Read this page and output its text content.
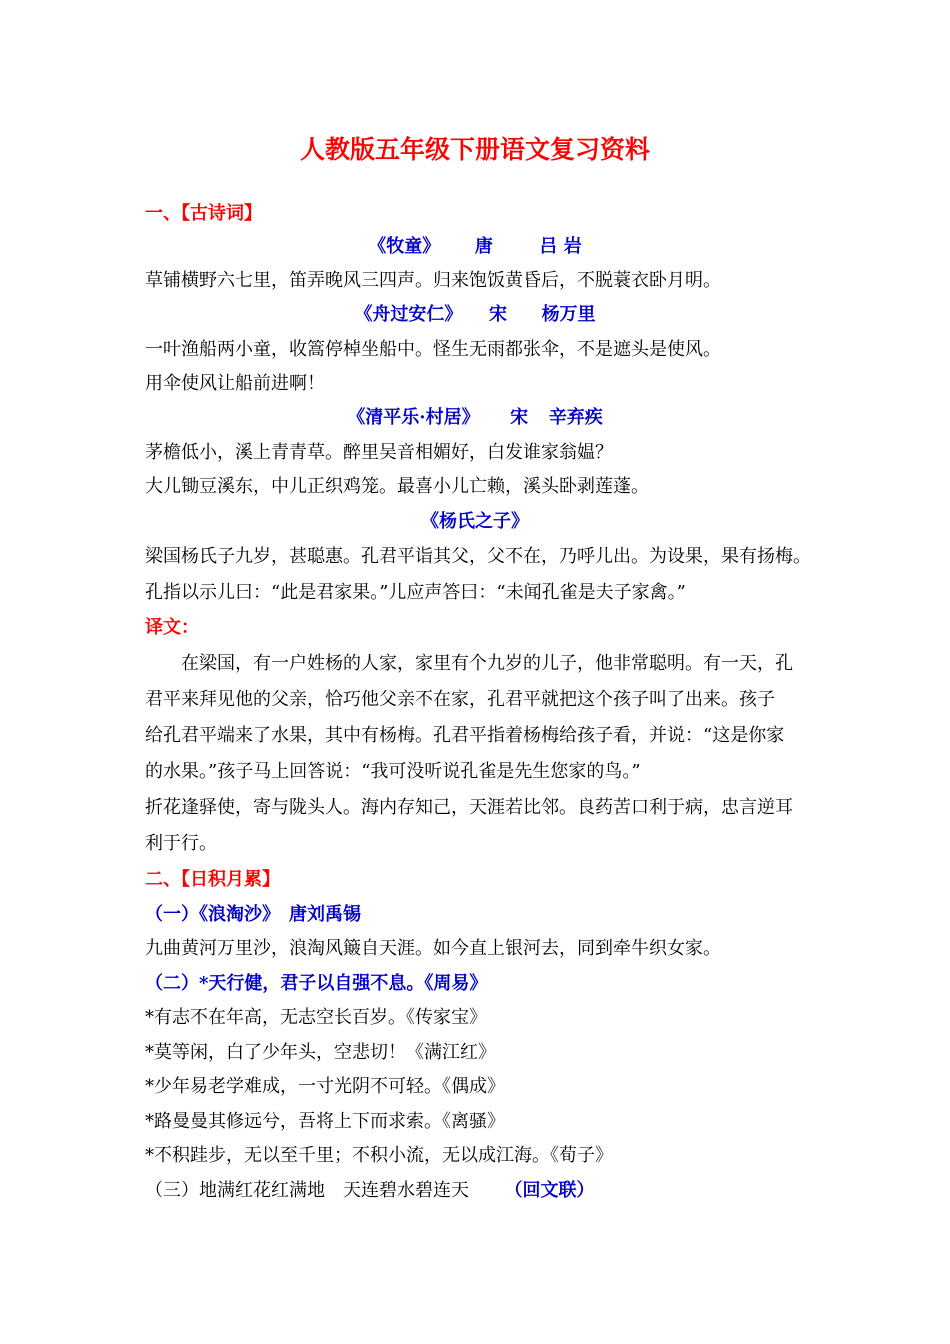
人教版五年级下册语文复习资料
一、【古诗词】
《牧童》 唐	吕 岩
草铺横野六七里，笛弄晚风三四声。归来饱饭黄昏后，不脱蓑衣卧月明。
《舟过安仁》 宋 杨万里
一叶渔船两小童，收篙停棹坐船中。怪生无雨都张伞，不是遮头是使风。
用伞使风让船前进啊！
《清平乐·村居》 宋 辛弃疾
茅檐低小，溪上青青草。醉里吴音相媚好，白发谁家翁媪？
大儿锄豆溪东，中儿正织鸡笼。最喜小儿亡赖，溪头卧剥莲蓬。
《杨氏之子》
梁国杨氏子九岁，甚聪惠。孔君平诣其父，父不在，乃呼儿出。为设果，果有扬梅。
孔指以示儿曰：“此是君家果。”儿应声答曰：“未闻孔雀是夫子家禽。”
译文：
在梁国，有一户姓杨的人家，家里有个九岁的儿子，他非常聪明。有一天，孔
君平来拜见他的父亲，恰巧他父亲不在家，孔君平就把这个孩子叫了出来。孩子
给孔君平端来了水果，其中有杨梅。孔君平指着杨梅给孩子看，并说：“这是你家
的水果。”孩子马上回答说：“我可没听说孔雀是先生您家的鸟。”
折花逢驿使，寄与陇头人。海内存知己，天涯若比邻。良药苦口利于病，忠言逆耳
利于行。
二、【日积月累】
（一）《浪淘沙》　唐刘禹锡
九曲黄河万里沙，浪淘风簸自天涯。如今直上银河去，同到牵牛织女家。
（二）*天行健，君子以自强不息。《周易》
*有志不在年高，无志空长百岁。《传家宝》
*莫等闲，白了少年头，空悲切！《满江红》
*少年易老学难成，一寸光阴不可轻。《偶成》
*路曼曼其修远兮，吾将上下而求索。《离骚》
*不积跬步，无以至千里；不积小流，无以成江海。《荀子》
（三）地满红花红满地　天连碧水碧连天 （回文联）
